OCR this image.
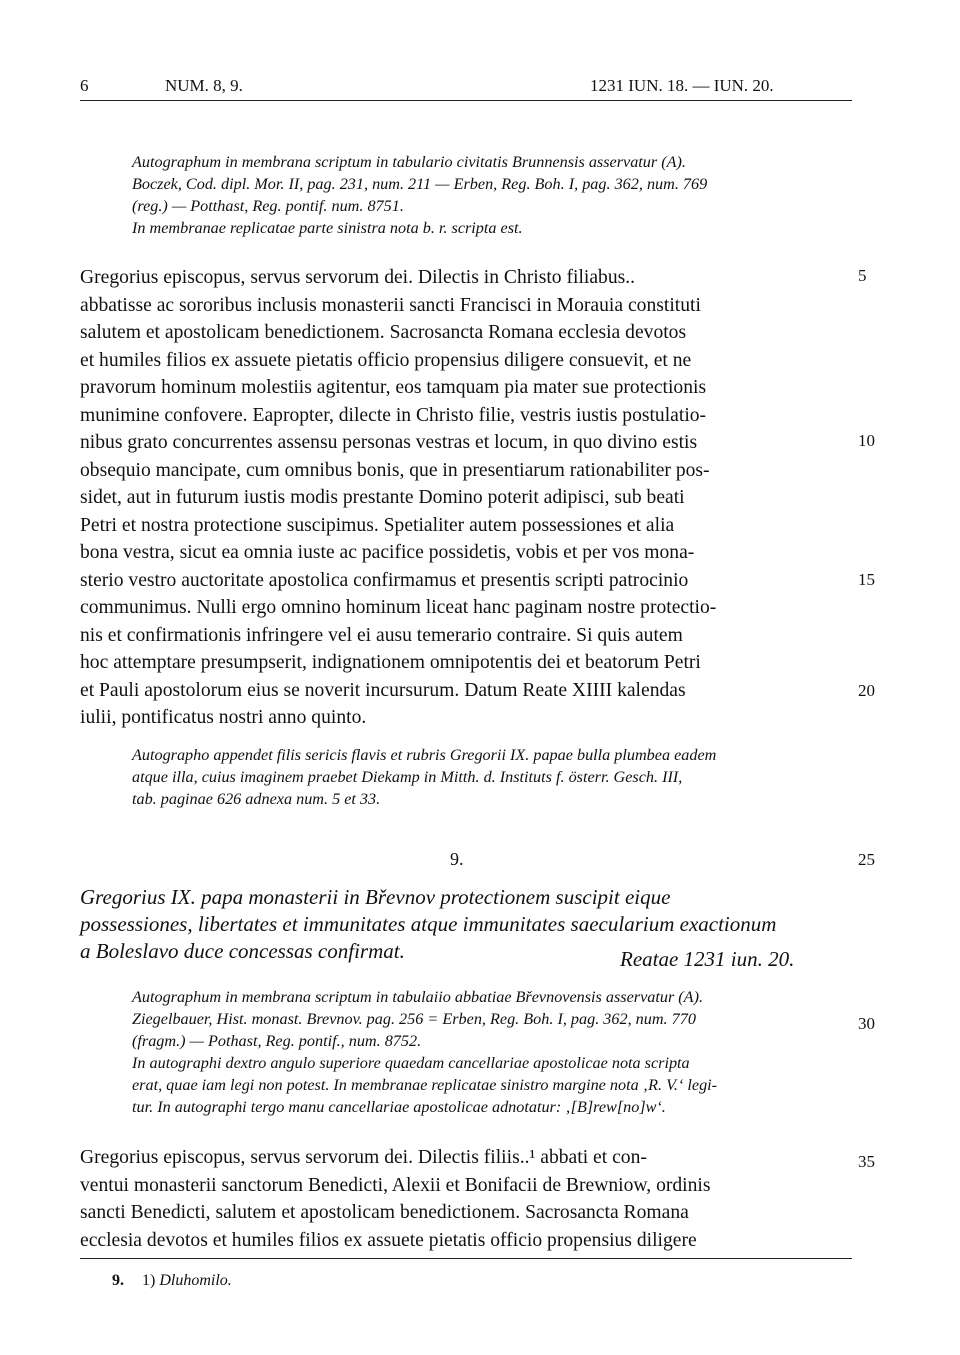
6	NUM. 8, 9.	1231 IUN. 18. — IUN. 20.

Autographum in membrana scriptum in tabulario civitatis Brunnensis asservatur (A).

Boczek, Cod. dipl. Mor. II, pag. 231, num. 211 — Erben, Reg. Boh. I, pag. 362, num. 769

(reg.) — Potthast, Reg. pontif. num. 8751.

In membranae replicatae parte sinistra nota b. r. scripta est.

Gregorius episcopus, servus servorum dei. Dilectis in Christo filiabus..

abbatisse ac sororibus inclusis monasterii sancti Francisci in Morauia constituti

salutem et apostolicam benedictionem. Sacrosancta Romana ecclesia devotos

et humiles filios ex assuete pietatis officio propensius diligere consuevit, et ne

pravorum hominum molestiis agitentur, eos tamquam pia mater sue protectionis

munimine confovere. Eapropter, dilecte in Christo filie, vestris iustis postulatio-

nibus grato concurrentes assensu personas vestras et locum, in quo divino estis

obsequio mancipate, cum omnibus bonis, que in presentiarum rationabiliter pos-

sidet, aut in futurum iustis modis prestante Domino poterit adipisci, sub beati

Petri et nostra protectione suscipimus. Spetialiter autem possessiones et alia

bona vestra, sicut ea omnia iuste ac pacifice possidetis, vobis et per vos mona-

sterio vestro auctoritate apostolica confirmamus et presentis scripti patrocinio

communimus. Nulli ergo omnino hominum liceat hanc paginam nostre protectio-

nis et confirmationis infringere vel ei ausu temerario contraire. Si quis autem

hoc attemptare presumpserit, indignationem omnipotentis dei et beatorum Petri

et Pauli apostolorum eius se noverit incursurum. Datum Reate XIIII kalendas

iulii, pontificatus nostri anno quinto.

5
10
15
20
25
30
35

Autographo appendet filis sericis flavis et rubris Gregorii IX. papae bulla plumbea eadem

atque illa, cuius imaginem praebet Diekamp in Mitth. d. Instituts f. österr. Gesch. III,

tab. paginae 626 adnexa num. 5 et 33.

9.
Gregorius IX. papa monasterii in Břevnov protectionem suscipit eique
possessiones, libertates et immunitates atque immunitates saecularium exactionum
a Boleslavo duce concessas confirmat.	Reatae 1231 iun. 20.

Autographum in membrana scriptum in tabulaiio abbatiae Břevnovensis asservatur (A).

Ziegelbauer, Hist. monast. Brevnov. pag. 256 = Erben, Reg. Boh. I, pag. 362, num. 770

(fragm.) — Pothast, Reg. pontif., num. 8752.

In autographi dextro angulo superiore quaedam cancellariae apostolicae nota scripta

erat, quae iam legi non potest. In membranae replicatae sinistro margine nota ‚R. V.‘ legi-

tur. In autographi tergo manu cancellariae apostolicae adnotatur: ‚[B]rew[no]w‘.

Gregorius episcopus, servus servorum dei. Dilectis filiis..¹ abbati et con-

ventui monasterii sanctorum Benedicti, Alexii et Bonifacii de Brewniow, ordinis

sancti Benedicti, salutem et apostolicam benedictionem. Sacrosancta Romana

ecclesia devotos et humiles filios ex assuete pietatis officio propensius diligere

9. 1) Dluhomilo.
